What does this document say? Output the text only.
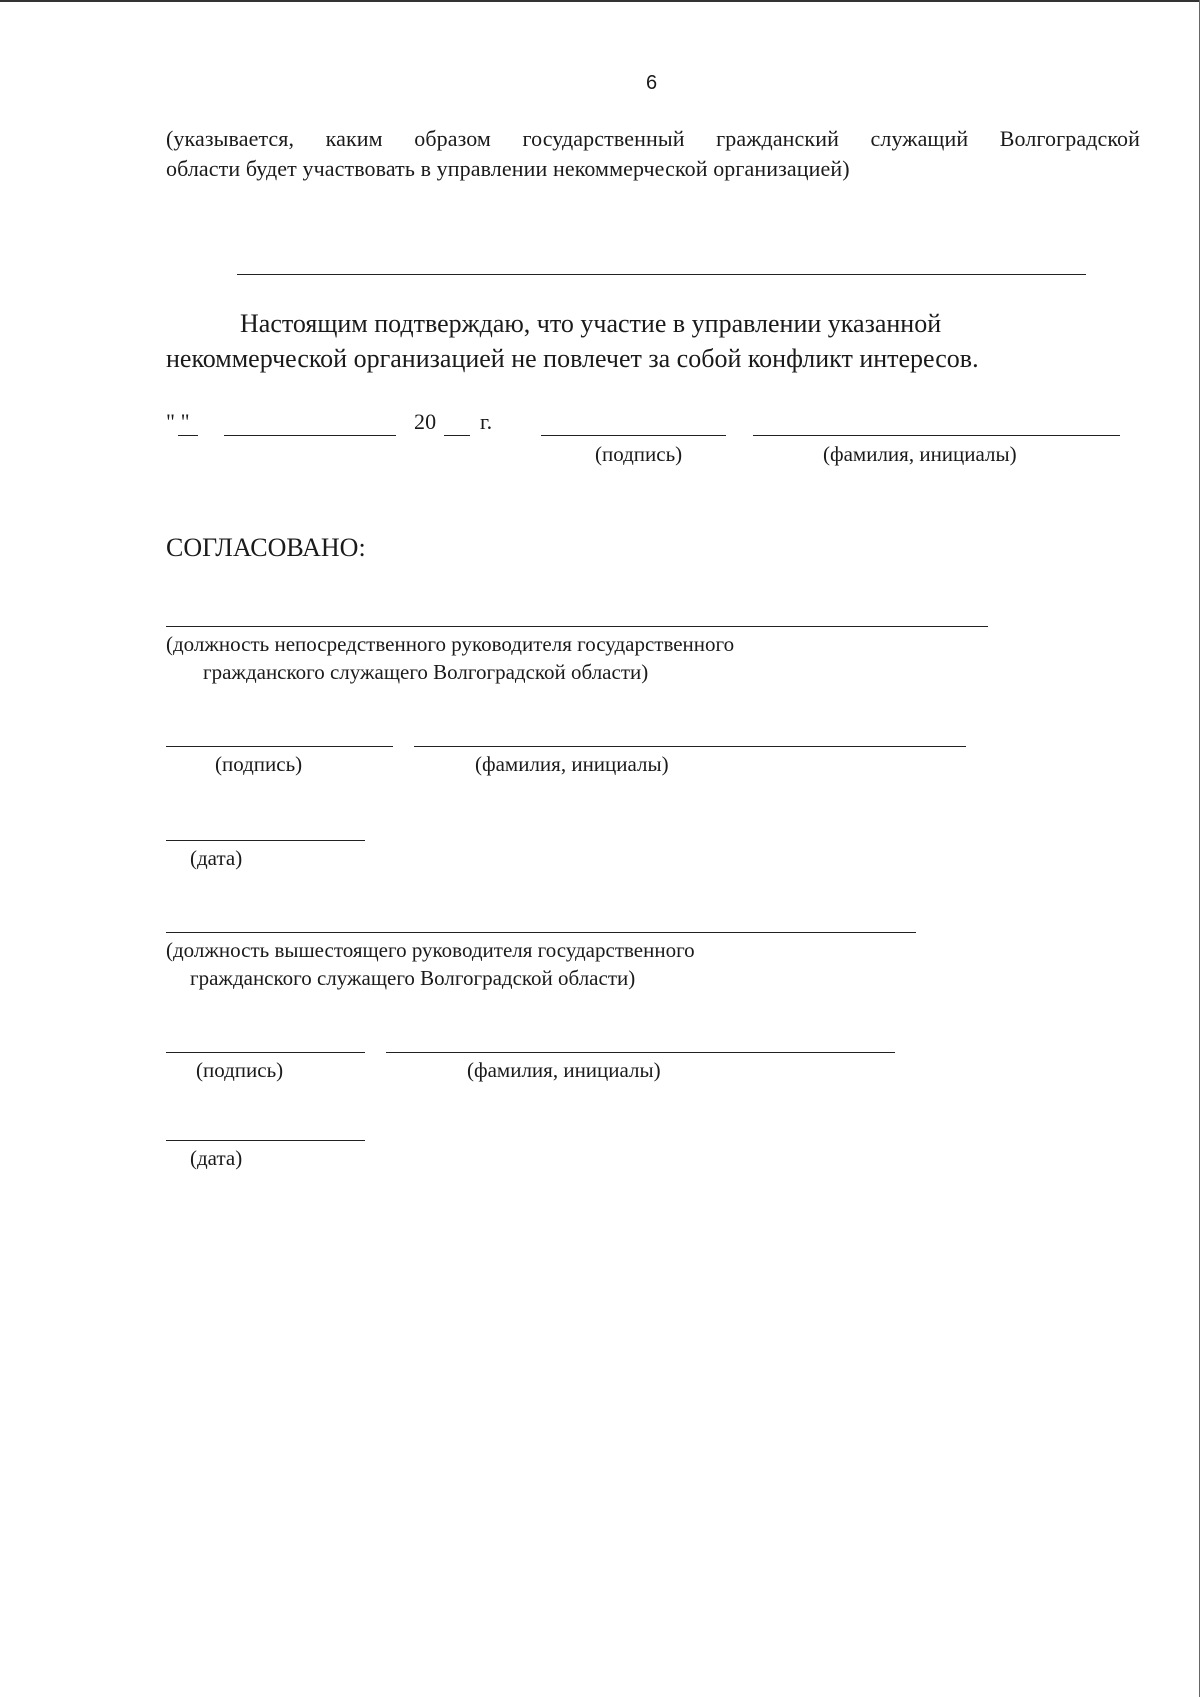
6
(указывается, каким образом государственный гражданский служащий Волгоградской
области будет участвовать в управлении некоммерческой организацией)
Настоящим подтверждаю, что участие в управлении указанной
некоммерческой организацией не повлечет за собой конфликт интересов.
" "	20 г.
(подпись)	(фамилия, инициалы)
СОГЛАСОВАНО:
(должность непосредственного руководителя государственного
гражданского служащего Волгоградской области)
(подпись)	(фамилия, инициалы)
(дата)
(должность вышестоящего руководителя государственного
гражданского служащего Волгоградской области)
(подпись)	(фамилия, инициалы)
(дата)
